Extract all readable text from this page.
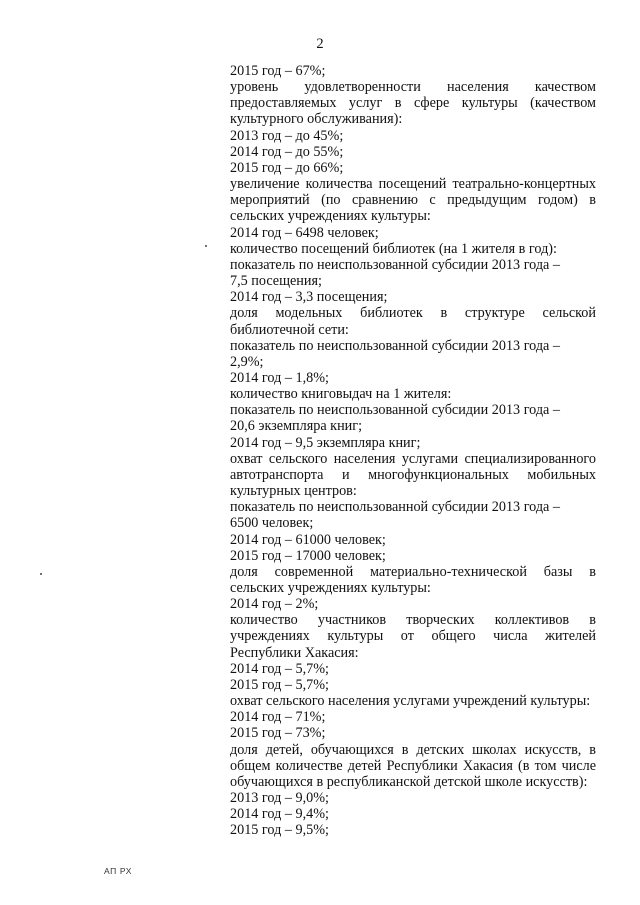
2
2015 год – 67%;
уровень удовлетворенности населения качеством
предоставляемых услуг в сфере культуры (качеством
культурного обслуживания):
2013 год – до 45%;
2014 год – до 55%;
2015 год – до 66%;
увеличение количества посещений театрально-концертных
мероприятий (по сравнению с предыдущим годом) в
сельских учреждениях культуры:
2014 год – 6498 человек;
количество посещений библиотек (на 1 жителя в год):
показатель по неиспользованной субсидии 2013 года –
7,5 посещения;
2014 год – 3,3 посещения;
доля модельных библиотек в структуре сельской
библиотечной сети:
показатель по неиспользованной субсидии 2013 года –
2,9%;
2014 год – 1,8%;
количество книговыдач на 1 жителя:
показатель по неиспользованной субсидии 2013 года –
20,6 экземпляра книг;
2014 год – 9,5 экземпляра книг;
охват сельского населения услугами специализированного
автотранспорта и многофункциональных мобильных
культурных центров:
показатель по неиспользованной субсидии 2013 года –
6500 человек;
2014 год – 61000 человек;
2015 год – 17000 человек;
доля современной материально-технической базы в
сельских учреждениях культуры:
2014 год – 2%;
количество участников творческих коллективов в
учреждениях культуры от общего числа жителей
Республики Хакасия:
2014 год – 5,7%;
2015 год – 5,7%;
охват сельского населения услугами учреждений культуры:
2014 год – 71%;
2015 год – 73%;
доля детей, обучающихся в детских школах искусств, в
общем количестве детей Республики Хакасия (в том числе
обучающихся в республиканской детской школе искусств):
2013 год – 9,0%;
2014 год – 9,4%;
2015 год – 9,5%;
АП РХ
